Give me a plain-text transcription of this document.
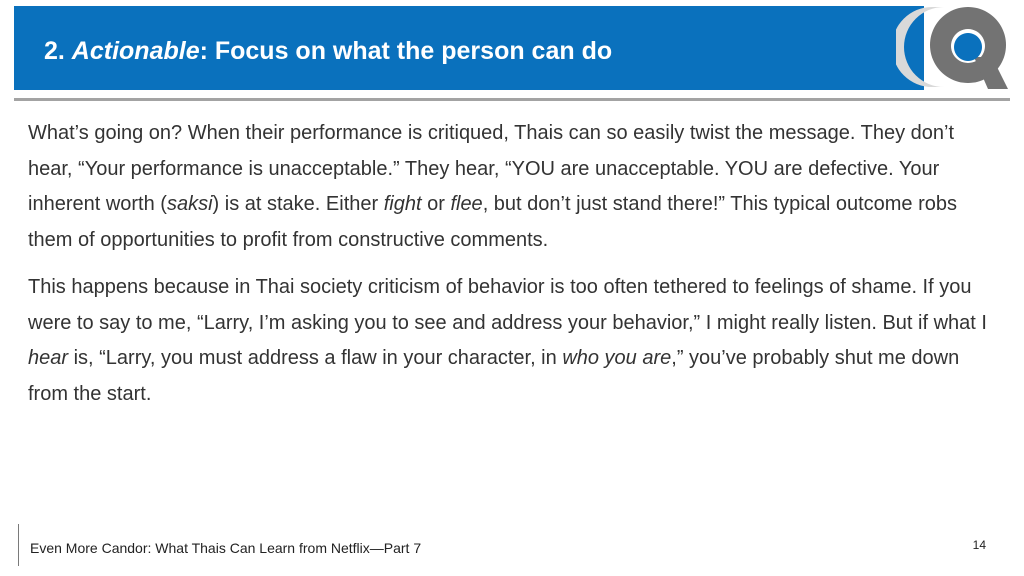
2. Actionable: Focus on what the person can do

What’s going on? When their performance is critiqued, Thais can so easily twist the message. They don’t hear, “Your performance is unacceptable.” They hear, “YOU are unacceptable. YOU are defective. Your inherent worth (saksi) is at stake. Either fight or flee, but don’t just stand there!” This typical outcome robs them of opportunities to profit from constructive comments.

This happens because in Thai society criticism of behavior is too often tethered to feelings of shame. If you were to say to me, “Larry, I’m asking you to see and address your behavior,” I might really listen. But if what I hear is, “Larry, you must address a flaw in your character, in who you are,” you’ve probably shut me down from the start.

Even More Candor: What Thais Can Learn from Netflix—Part 7	14
